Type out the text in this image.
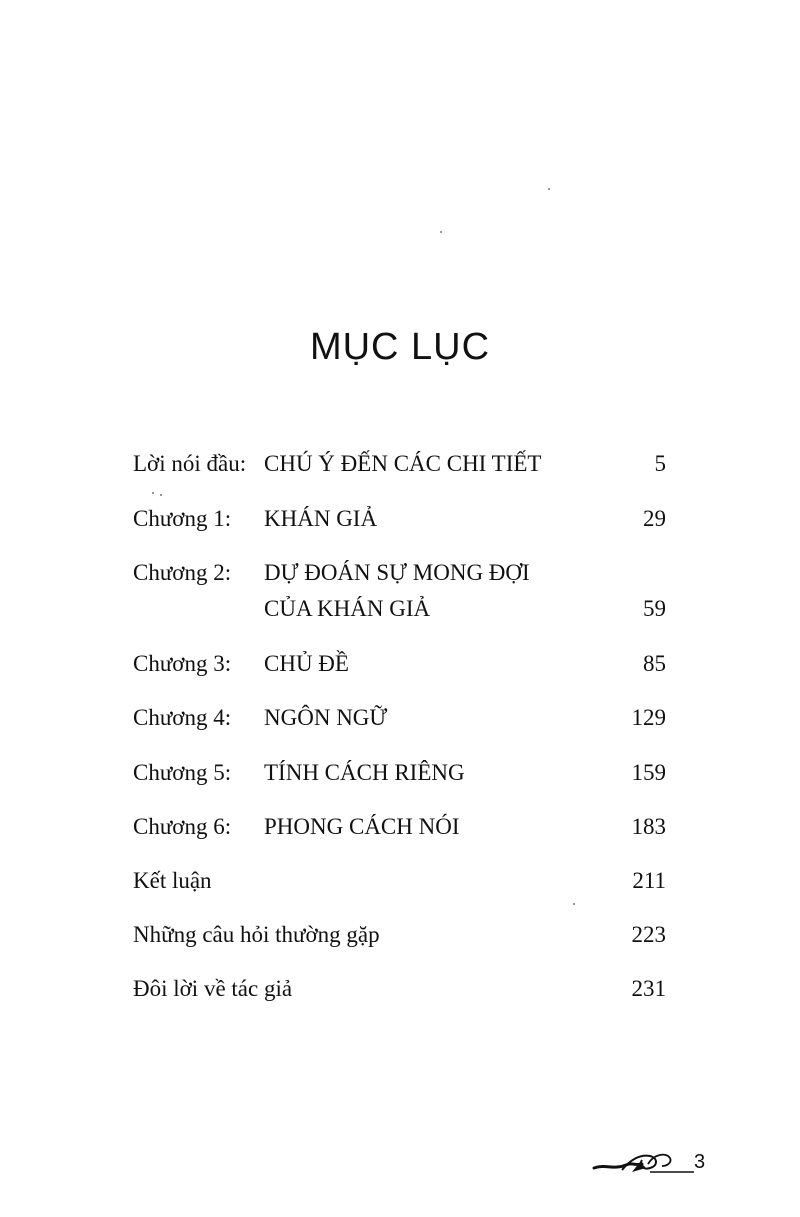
MỤC LỤC
Lời nói đầu: CHÚ Ý ĐẾN CÁC CHI TIẾT	5
Chương 1: KHÁN GIẢ	29
Chương 2: DỰ ĐOÁN SỰ MONG ĐỢI
CỦA KHÁN GIẢ	59
Chương 3: CHỦ ĐỀ	85
Chương 4: NGÔN NGỮ	129
Chương 5: TÍNH CÁCH RIÊNG	159
Chương 6: PHONG CÁCH NÓI	183
Kết luận	211
Những câu hỏi thường gặp	223
Đôi lời về tác giả	231
3
